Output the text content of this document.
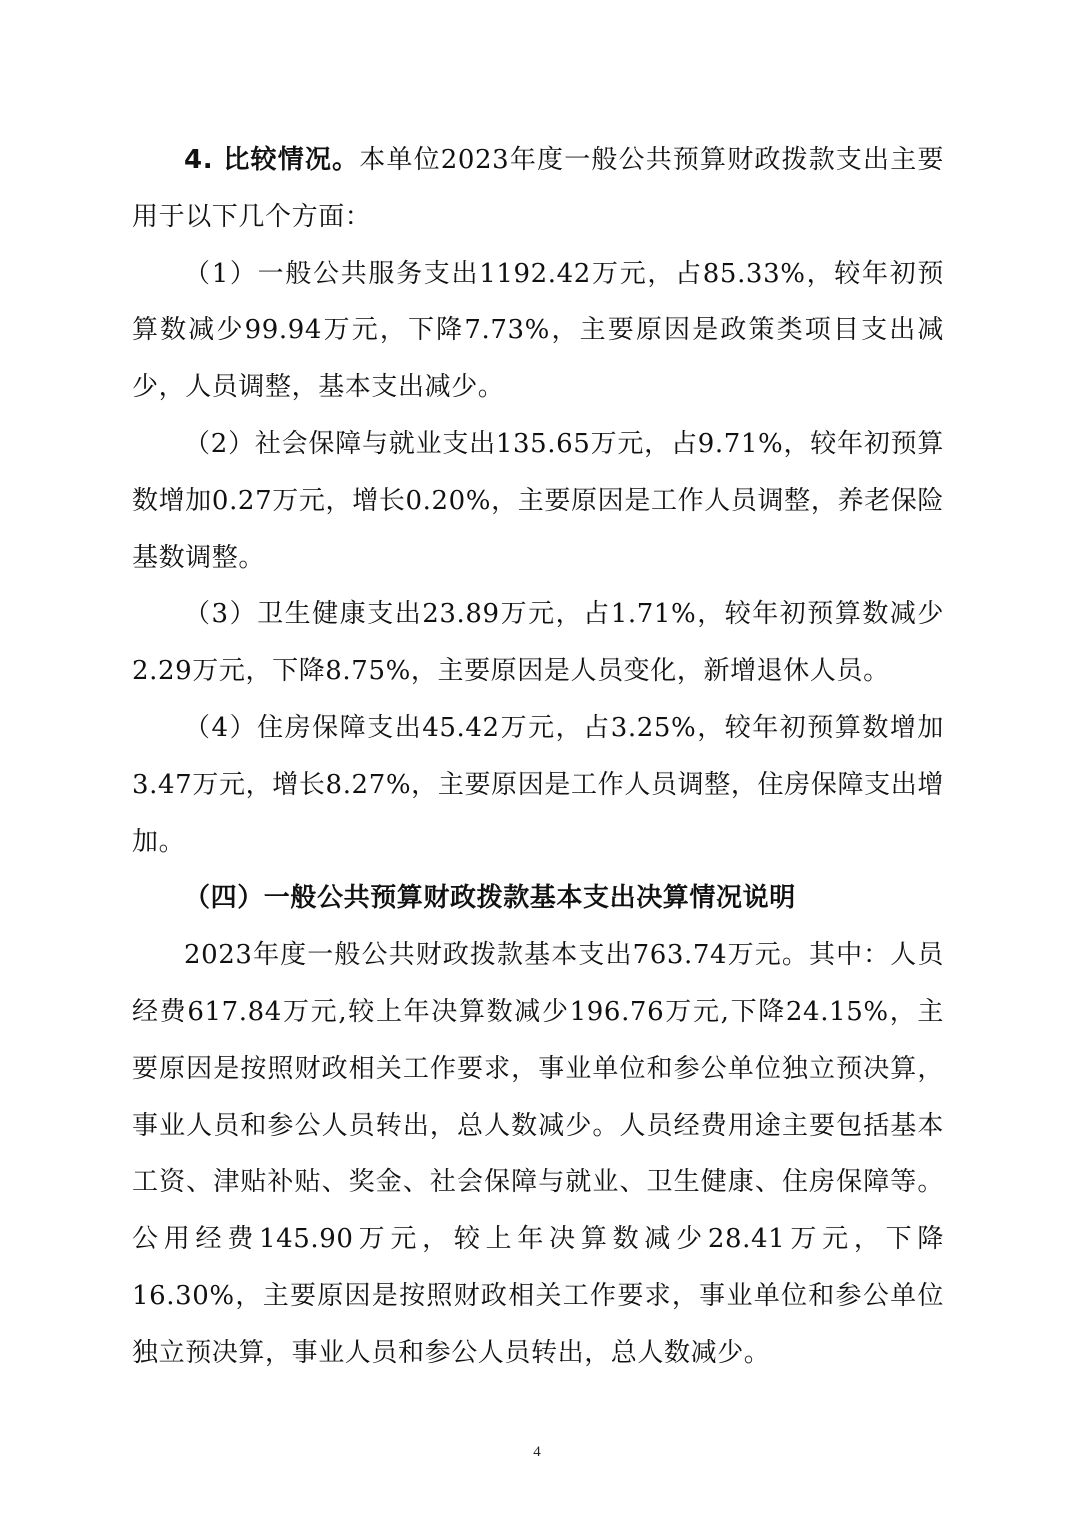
4. 比较情况。本单位2023年度一般公共预算财政拨款支出主要用于以下几个方面：

（1）一般公共服务支出1192.42万元，占85.33%，较年初预算数减少99.94万元，下降7.73%，主要原因是政策类项目支出减少，人员调整，基本支出减少。

（2）社会保障与就业支出135.65万元，占9.71%，较年初预算数增加0.27万元，增长0.20%，主要原因是工作人员调整，养老保险基数调整。

（3）卫生健康支出23.89万元，占1.71%，较年初预算数减少2.29万元，下降8.75%，主要原因是人员变化，新增退休人员。

（4）住房保障支出45.42万元，占3.25%，较年初预算数增加3.47万元，增长8.27%，主要原因是工作人员调整，住房保障支出增加。

（四）一般公共预算财政拨款基本支出决算情况说明

2023年度一般公共财政拨款基本支出763.74万元。其中：人员经费617.84万元,较上年决算数减少196.76万元,下降24.15%，主要原因是按照财政相关工作要求，事业单位和参公单位独立预决算，事业人员和参公人员转出，总人数减少。人员经费用途主要包括基本工资、津贴补贴、奖金、社会保障与就业、卫生健康、住房保障等。公用经费145.90万元，较上年决算数减少28.41万元，下降16.30%，主要原因是按照财政相关工作要求，事业单位和参公单位独立预决算，事业人员和参公人员转出，总人数减少。

4
